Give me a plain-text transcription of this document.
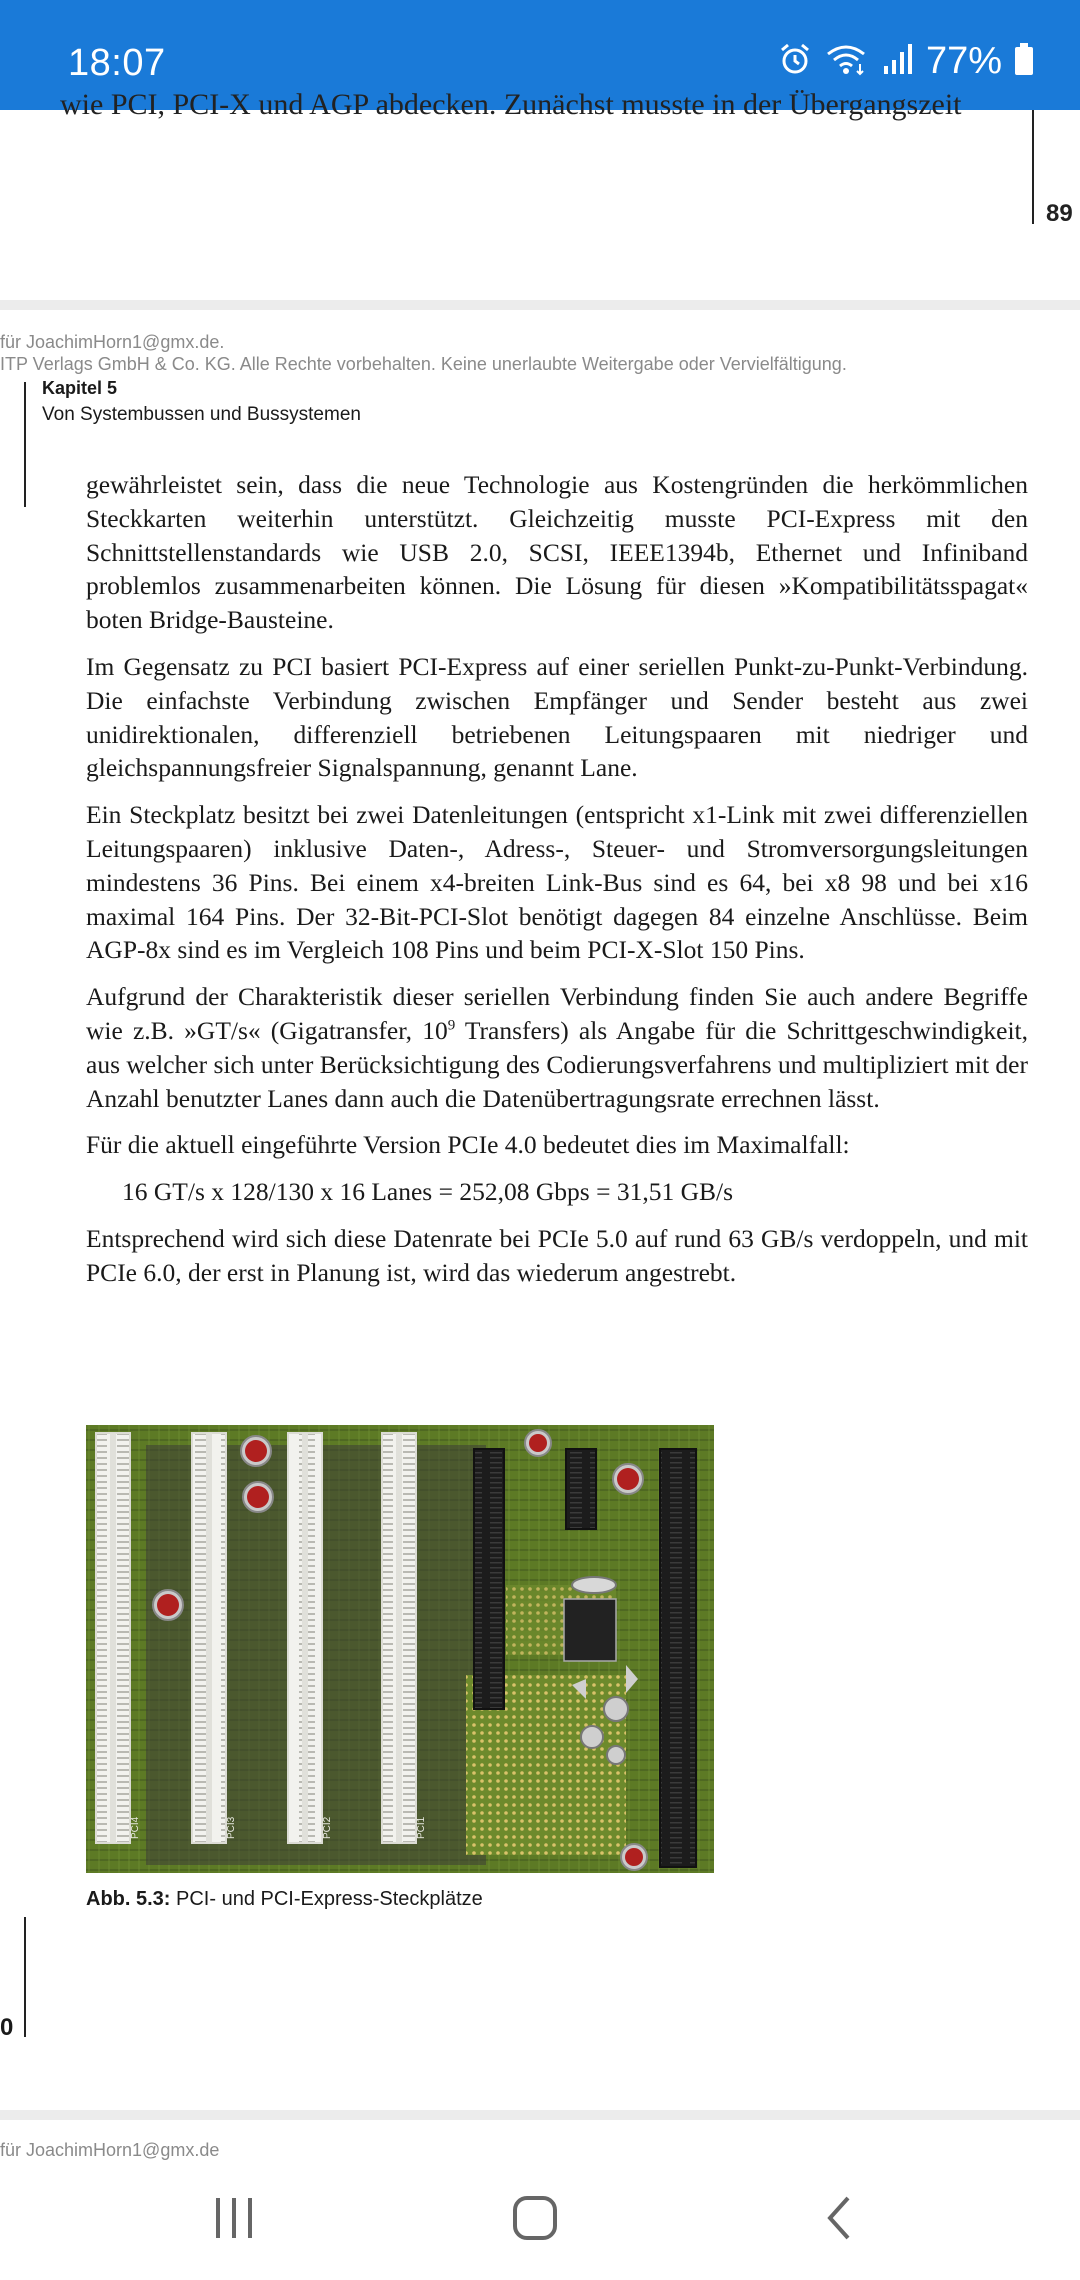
18:07	77%
wie PCI, PCI-X und AGP abdecken. Zunächst musste in der Übergangszeit
89
für JoachimHorn1@gmx.de.
ITP Verlags GmbH & Co. KG. Alle Rechte vorbehalten. Keine unerlaubte Weitergabe oder Vervielfältigung.
Kapitel 5
Von Systembussen und Bussystemen

gewährleistet sein, dass die neue Technologie aus Kostengründen die herkömmlichen Steckkarten weiterhin unterstützt. Gleichzeitig musste PCI-Express mit den Schnittstellenstandards wie USB 2.0, SCSI, IEEE1394b, Ethernet und Infiniband problemlos zusammenarbeiten können. Die Lösung für diesen »Kompatibilitätsspagat« boten Bridge-Bausteine.

Im Gegensatz zu PCI basiert PCI-Express auf einer seriellen Punkt-zu-Punkt-Verbindung. Die einfachste Verbindung zwischen Empfänger und Sender besteht aus zwei unidirektionalen, differenziell betriebenen Leitungspaaren mit niedriger und gleichspannungsfreier Signalspannung, genannt Lane.

Ein Steckplatz besitzt bei zwei Datenleitungen (entspricht x1-Link mit zwei differenziellen Leitungspaaren) inklusive Daten-, Adress-, Steuer- und Stromversorgungsleitungen mindestens 36 Pins. Bei einem x4-breiten Link-Bus sind es 64, bei x8 98 und bei x16 maximal 164 Pins. Der 32-Bit-PCI-Slot benötigt dagegen 84 einzelne Anschlüsse. Beim AGP-8x sind es im Vergleich 108 Pins und beim PCI-X-Slot 150 Pins.

Aufgrund der Charakteristik dieser seriellen Verbindung finden Sie auch andere Begriffe wie z.B. »GT/s« (Gigatransfer, $10^9$ Transfers) als Angabe für die Schrittgeschwindigkeit, aus welcher sich unter Berücksichtigung des Codierungsverfahrens und multipliziert mit der Anzahl benutzter Lanes dann auch die Datenübertragungsrate errechnen lässt.

Für die aktuell eingeführte Version PCIe 4.0 bedeutet dies im Maximalfall:

16 GT/s x 128/130 x 16 Lanes = 252,08 Gbps = 31,51 GB/s

Entsprechend wird sich diese Datenrate bei PCIe 5.0 auf rund 63 GB/s verdoppeln, und mit PCIe 6.0, der erst in Planung ist, wird das wiederum angestrebt.

PCI4	PCI3	PCI2	PCI1
Abb. 5.3: PCI- und PCI-Express-Steckplätze
0
für JoachimHorn1@gmx.de
